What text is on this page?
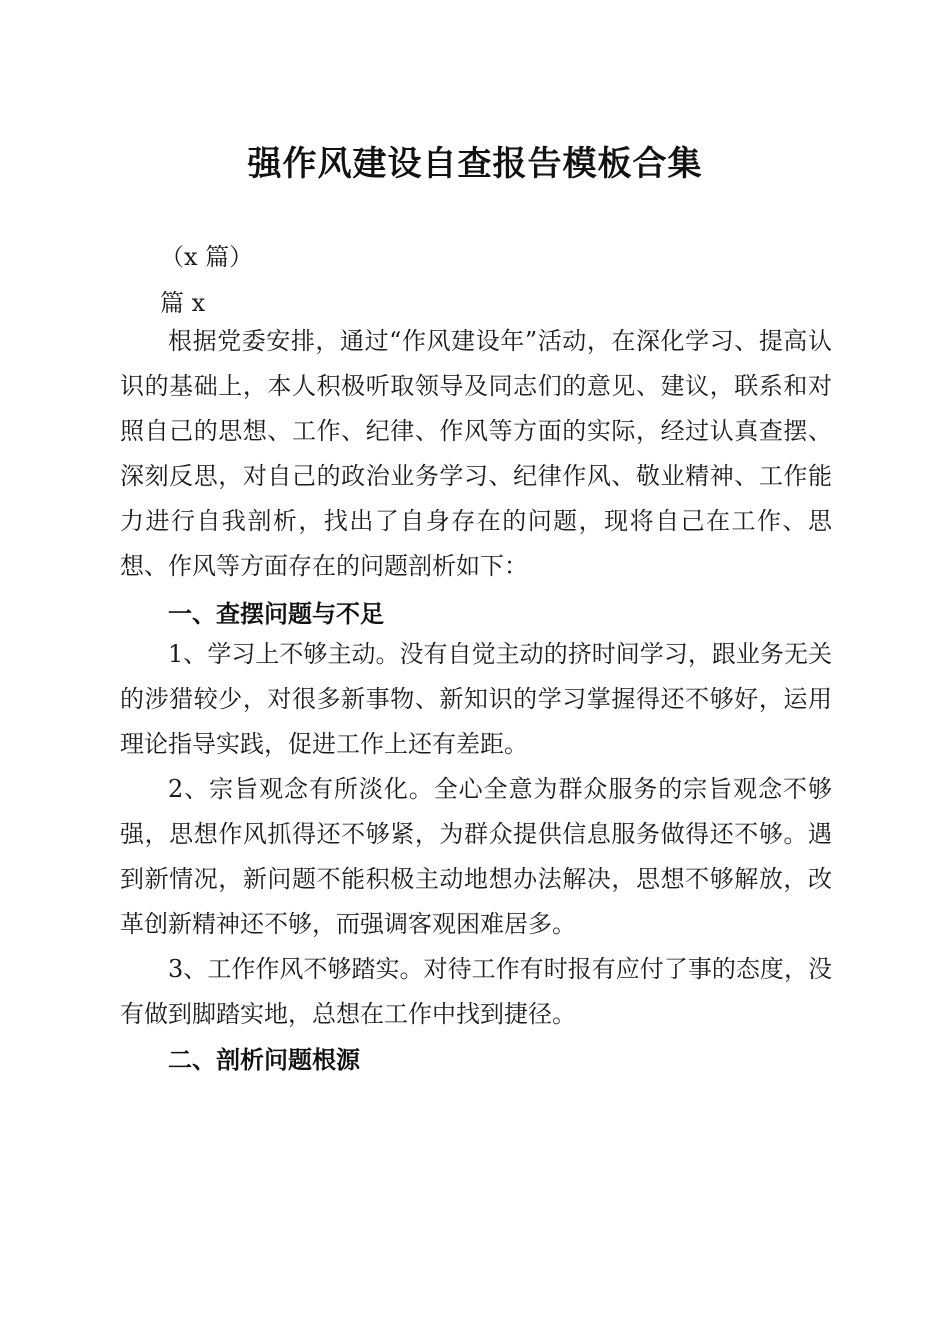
强作风建设自查报告模板合集
（x 篇）
篇 x

根据党委安排，通过“作风建设年”活动，在深化学习、提高认识的基础上，本人积极听取领导及同志们的意见、建议，联系和对照自己的思想、工作、纪律、作风等方面的实际，经过认真查摆、深刻反思，对自己的政治业务学习、纪律作风、敬业精神、工作能力进行自我剖析，找出了自身存在的问题，现将自己在工作、思想、作风等方面存在的问题剖析如下：

一、查摆问题与不足

1、学习上不够主动。没有自觉主动的挤时间学习，跟业务无关的涉猎较少，对很多新事物、新知识的学习掌握得还不够好，运用理论指导实践，促进工作上还有差距。

2、宗旨观念有所淡化。全心全意为群众服务的宗旨观念不够强，思想作风抓得还不够紧，为群众提供信息服务做得还不够。遇到新情况，新问题不能积极主动地想办法解决，思想不够解放，改革创新精神还不够，而强调客观困难居多。

3、工作作风不够踏实。对待工作有时报有应付了事的态度，没有做到脚踏实地，总想在工作中找到捷径。

二、剖析问题根源
